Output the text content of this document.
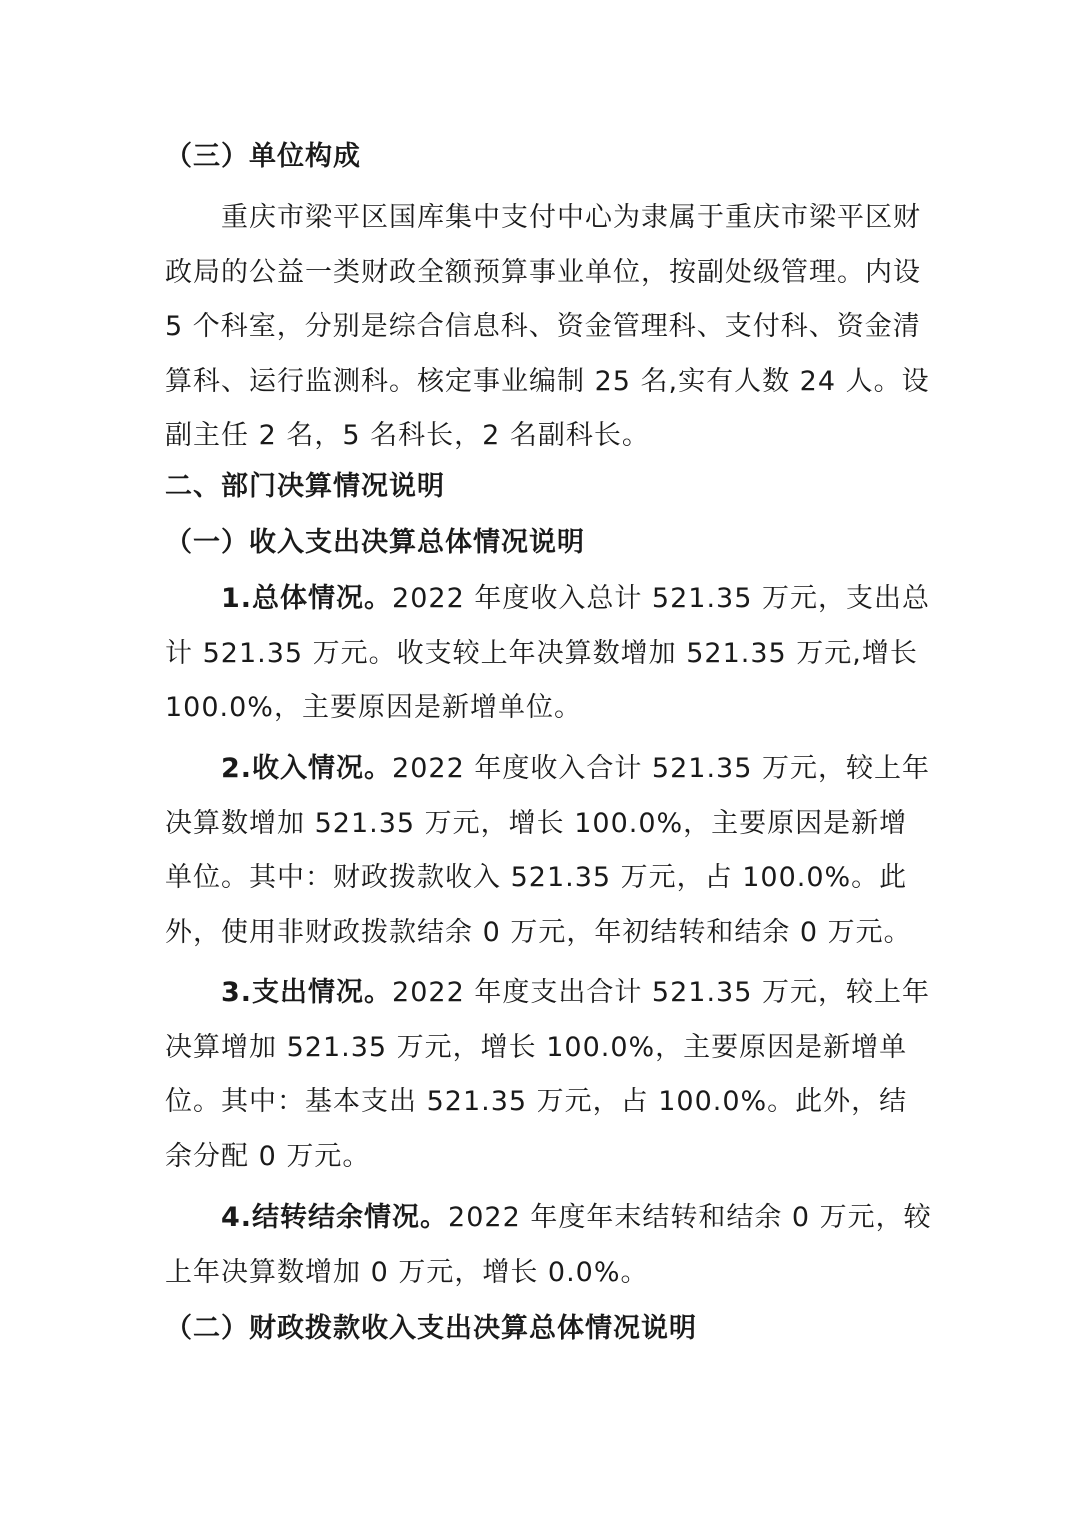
（三）单位构成

重庆市梁平区国库集中支付中心为隶属于重庆市梁平区财政局的公益一类财政全额预算事业单位，按副处级管理。内设 5 个科室，分别是综合信息科、资金管理科、支付科、资金清算科、运行监测科。核定事业编制 25 名,实有人数 24 人。设副主任 2 名，5 名科长，2 名副科长。

二、部门决算情况说明
（一）收入支出决算总体情况说明

1.总体情况。2022 年度收入总计 521.35 万元，支出总计 521.35 万元。收支较上年决算数增加 521.35 万元,增长 100.0%，主要原因是新增单位。

2.收入情况。2022 年度收入合计 521.35 万元，较上年决算数增加 521.35 万元，增长 100.0%，主要原因是新增单位。其中：财政拨款收入 521.35 万元，占 100.0%。此外，使用非财政拨款结余 0 万元，年初结转和结余 0 万元。

3.支出情况。2022 年度支出合计 521.35 万元，较上年决算增加 521.35 万元，增长 100.0%，主要原因是新增单位。其中：基本支出 521.35 万元，占 100.0%。此外，结余分配 0 万元。

4.结转结余情况。2022 年度年末结转和结余 0 万元，较上年决算数增加 0 万元，增长 0.0%。

（二）财政拨款收入支出决算总体情况说明
